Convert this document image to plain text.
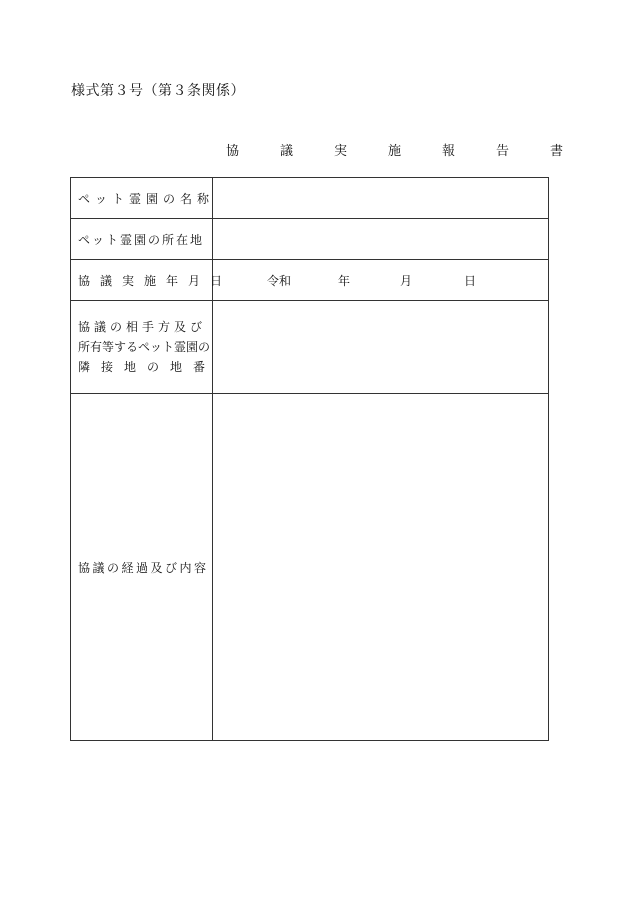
様式第３号（第３条関係）
協　議　実　施　報　告　書
ペット霊園の名称	

ペット霊園の所在地	

協議実施年月日	令和 年 月 日

協議の相手方及び
所有等するペット霊園の
隣接地の地番	

協議の経過及び内容	
